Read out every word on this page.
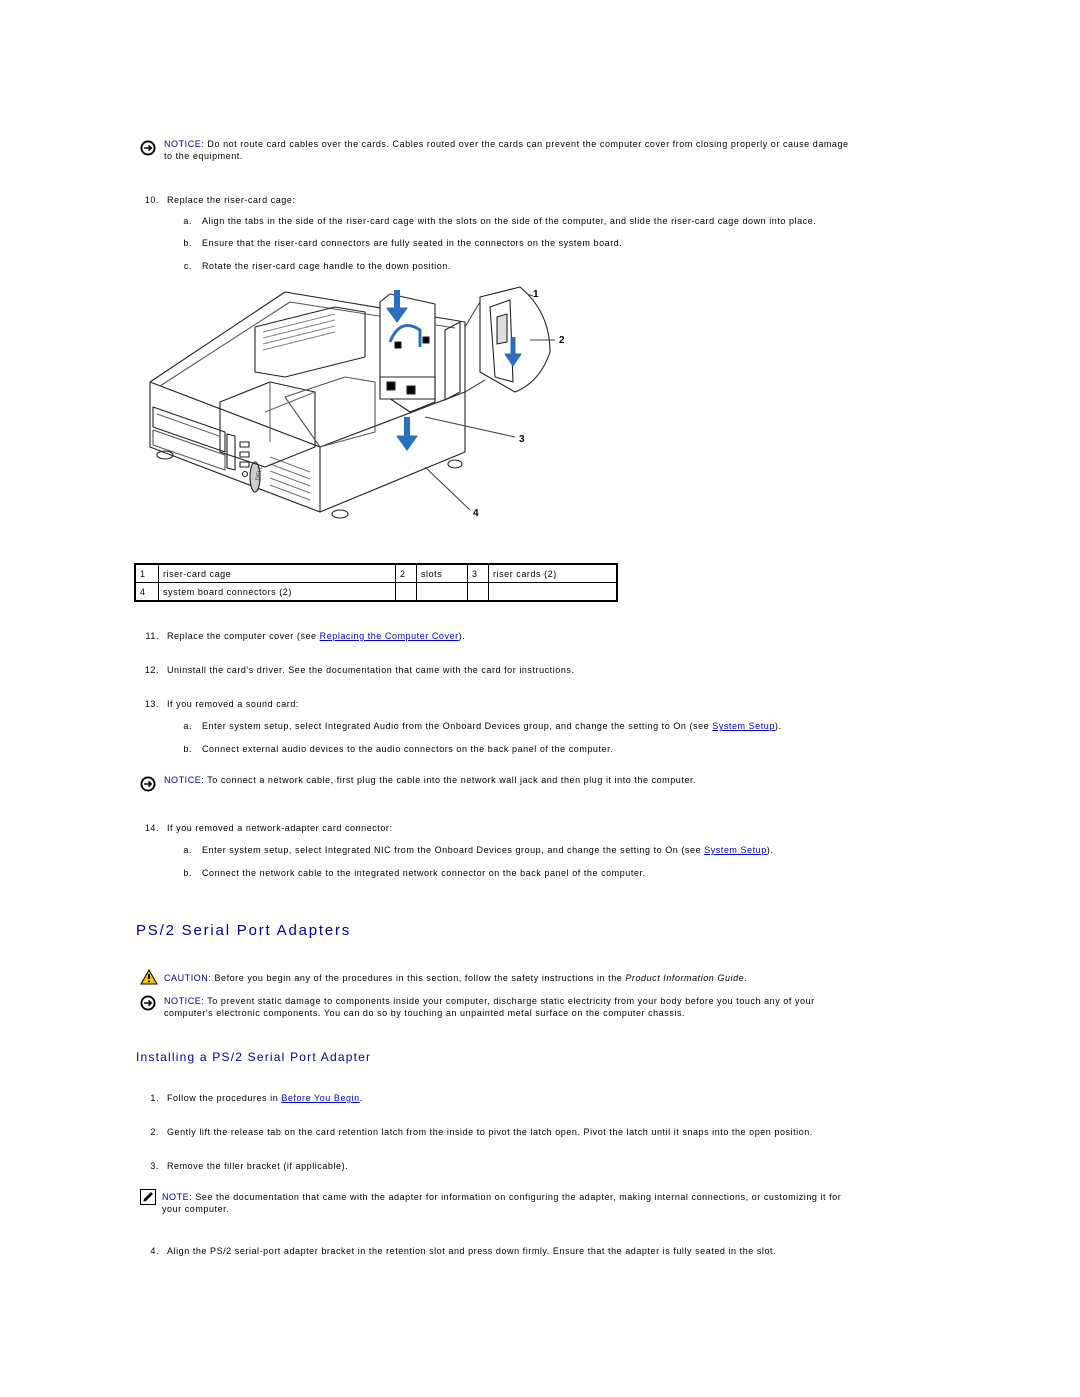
NOTICE: Do not route card cables over the cards. Cables routed over the cards can prevent the computer cover from closing properly or cause damage
to the equipment.
10. Replace the riser-card cage:
a. Align the tabs in the side of the riser-card cage with the slots on the side of the computer, and slide the riser-card cage down into place.
b. Ensure that the riser-card connectors are fully seated in the connectors on the system board.
c. Rotate the riser-card cage handle to the down position.
DELL
1
2
3
4
1	riser-card cage	2	slots	3	riser cards (2)
4	system board connectors (2)				
11. Replace the computer cover (see Replacing the Computer Cover).
12. Uninstall the card's driver. See the documentation that came with the card for instructions.
13. If you removed a sound card:
a. Enter system setup, select Integrated Audio from the Onboard Devices group, and change the setting to On (see System Setup).
b. Connect external audio devices to the audio connectors on the back panel of the computer.
NOTICE: To connect a network cable, first plug the cable into the network wall jack and then plug it into the computer.
14. If you removed a network-adapter card connector:
a. Enter system setup, select Integrated NIC from the Onboard Devices group, and change the setting to On (see System Setup).
b. Connect the network cable to the integrated network connector on the back panel of the computer.
PS/2 Serial Port Adapters
CAUTION: Before you begin any of the procedures in this section, follow the safety instructions in the Product Information Guide.
NOTICE: To prevent static damage to components inside your computer, discharge static electricity from your body before you touch any of your
computer's electronic components. You can do so by touching an unpainted metal surface on the computer chassis.
Installing a PS/2 Serial Port Adapter
1. Follow the procedures in Before You Begin.
2. Gently lift the release tab on the card retention latch from the inside to pivot the latch open. Pivot the latch until it snaps into the open position.
3. Remove the filler bracket (if applicable).
NOTE: See the documentation that came with the adapter for information on configuring the adapter, making internal connections, or customizing it for
your computer.
4. Align the PS/2 serial-port adapter bracket in the retention slot and press down firmly. Ensure that the adapter is fully seated in the slot.
